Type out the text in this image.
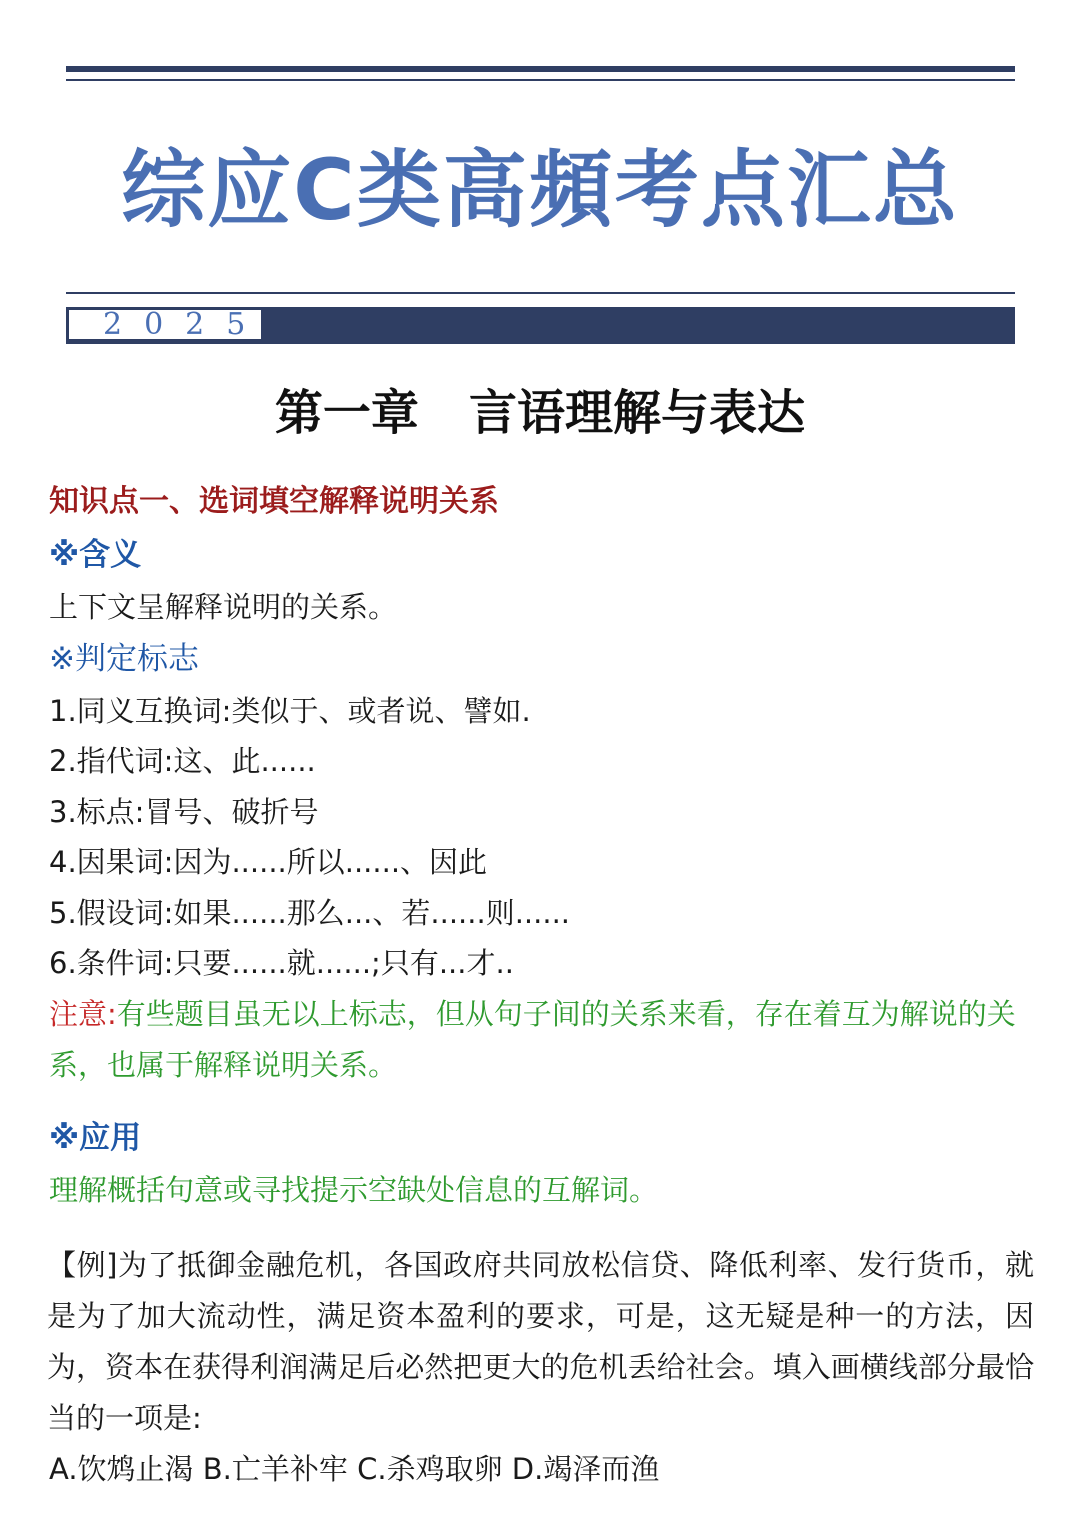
综应C类高頻考点汇总
2025
第一章   言语理解与表达
知识点一、选词填空解释说明关系
※含义
上下文呈解释说明的关系。
※判定标志
1.同义互换词:类似于、或者说、譬如.
2.指代词:这、此......
3.标点:冒号、破折号
4.因果词:因为......所以......、因此
5.假设词:如果......那么...、若......则......
6.条件词:只要......就......;只有...才..
注意:有些题目虽无以上标志，但从句子间的关系来看，存在着互为解说的关系，也属于解释说明关系。
※应用
理解概括句意或寻找提示空缺处信息的互解词。
【例]为了抵御金融危机，各国政府共同放松信贷、降低利率、发行货币，就是为了加大流动性，满足资本盈利的要求，可是，这无疑是种一的方法，因为，资本在获得利润满足后必然把更大的危机丢给社会。填入画横线部分最恰当的一项是:
A.饮鸩止渴 B.亡羊补牢 C.杀鸡取卵 D.竭泽而渔
